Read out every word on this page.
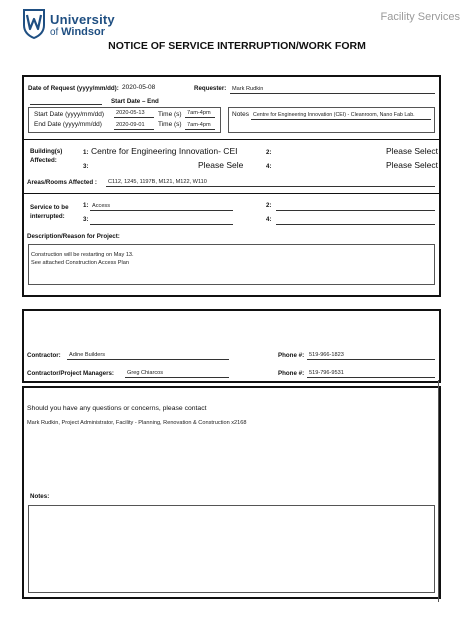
University
of Windsor
Facility Services
NOTICE OF SERVICE INTERRUPTION/WORK FORM
Date of Request (yyyy/mm/dd): 2020-05-08	Requester: Mark Rudkin
Start Date – End
Start Date (yyyy/mm/dd) 2020-05-13 Time (s) 7am-4pm
End Date (yyyy/mm/dd)	2020-09-01 Time (s) 7am-4pm
Notes Centre for Engineering Innovation (CEI) - Cleanroom, Nano Fab Lab.
Building(s)
Affected:
1: Centre for Engineering Innovation- CEI	2:	Please Select
3:	Please Sele	4:	Please Select
Areas/Rooms Affected : C112, 1245, 1197B, M121, M122, W110
Service to be
interrupted:
1: Access	2:
3:	4:
Description/Reason for Project:
Construction will be restarting on May 13.
See attached Construction Access Plan
Contractor: Adine Builders	Phone #: 519-966-1823
Contractor/Project Managers: Greg Chiarcos	Phone #: 519-796-9531
Should you have any questions or concerns, please contact
Mark Rudkin, Project Administrator, Facility - Planning, Renovation & Construction x2168
Notes:
